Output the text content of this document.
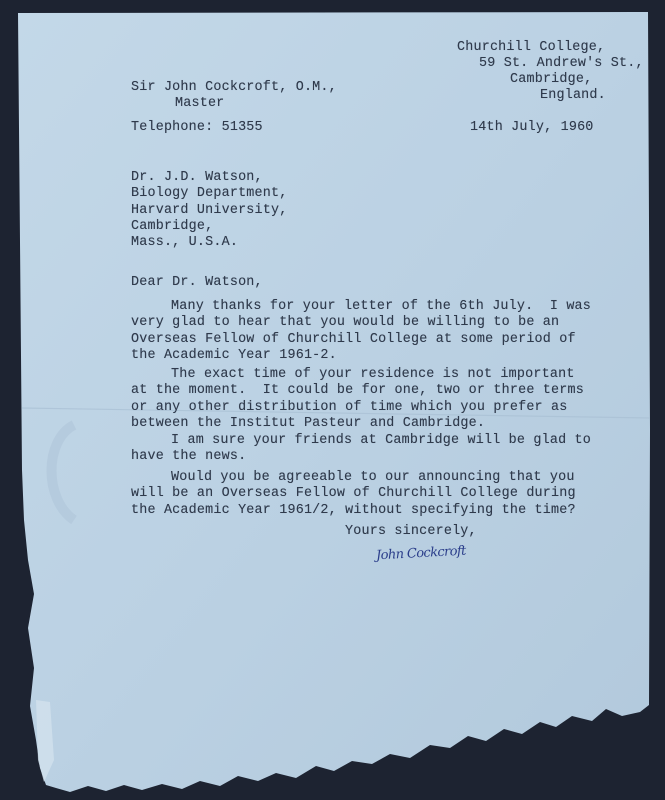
Churchill College,
59 St. Andrew's St.,
Cambridge,
England.
Sir John Cockcroft, O.M.,
Master
Telephone: 51355	14th July, 1960
Dr. J.D. Watson,
Biology Department,
Harvard University,
Cambridge,
Mass., U.S.A.
Dear Dr. Watson,
Many thanks for your letter of the 6th July.  I was
very glad to hear that you would be willing to be an
Overseas Fellow of Churchill College at some period of
the Academic Year 1961-2.
The exact time of your residence is not important
at the moment.  It could be for one, two or three terms
or any other distribution of time which you prefer as
between the Institut Pasteur and Cambridge.
I am sure your friends at Cambridge will be glad to
have the news.
Would you be agreeable to our announcing that you
will be an Overseas Fellow of Churchill College during
the Academic Year 1961/2, without specifying the time?
Yours sincerely,
John Cockcroft
